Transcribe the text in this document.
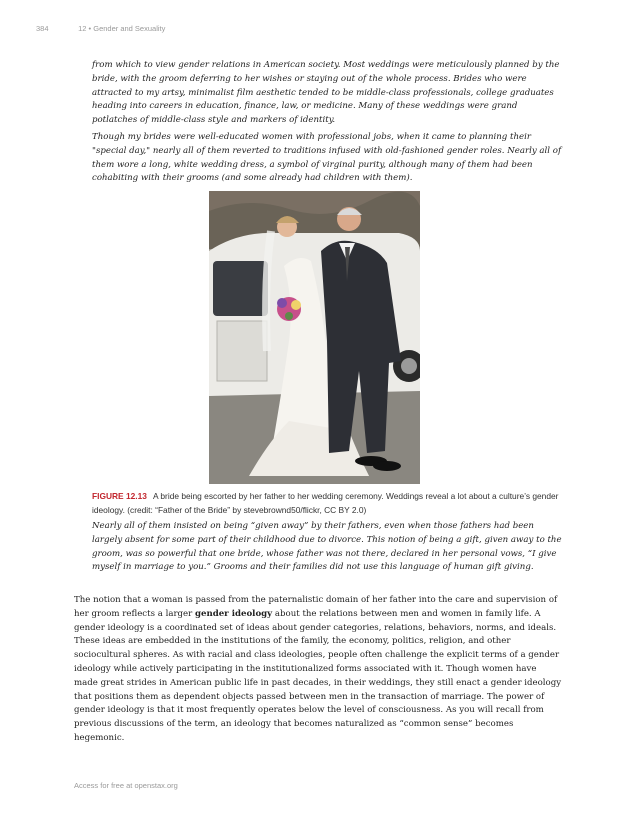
384	12 • Gender and Sexuality

from which to view gender relations in American society. Most weddings were meticulously planned by the bride, with the groom deferring to her wishes or staying out of the whole process. Brides who were attracted to my artsy, minimalist film aesthetic tended to be middle-class professionals, college graduates heading into careers in education, finance, law, or medicine. Many of these weddings were grand potlatches of middle-class style and markers of identity.

Though my brides were well-educated women with professional jobs, when it came to planning their "special day," nearly all of them reverted to traditions infused with old-fashioned gender roles. Nearly all of them wore a long, white wedding dress, a symbol of virginal purity, although many of them had been cohabiting with their grooms (and some already had children with them).

FIGURE 12.13 A bride being escorted by her father to her wedding ceremony. Weddings reveal a lot about a culture’s gender ideology. (credit: “Father of the Bride” by stevebrownd50/flickr, CC BY 2.0)

Nearly all of them insisted on being “given away” by their fathers, even when those fathers had been largely absent for some part of their childhood due to divorce. This notion of being a gift, given away to the groom, was so powerful that one bride, whose father was not there, declared in her personal vows, “I give myself in marriage to you.” Grooms and their families did not use this language of human gift giving.

The notion that a woman is passed from the paternalistic domain of her father into the care and supervision of her groom reflects a larger gender ideology about the relations between men and women in family life. A gender ideology is a coordinated set of ideas about gender categories, relations, behaviors, norms, and ideals. These ideas are embedded in the institutions of the family, the economy, politics, religion, and other sociocultural spheres. As with racial and class ideologies, people often challenge the explicit terms of a gender ideology while actively participating in the institutionalized forms associated with it. Though women have made great strides in American public life in past decades, in their weddings, they still enact a gender ideology that positions them as dependent objects passed between men in the transaction of marriage. The power of gender ideology is that it most frequently operates below the level of consciousness. As you will recall from previous discussions of the term, an ideology that becomes naturalized as “common sense” becomes hegemonic.

Access for free at openstax.org
